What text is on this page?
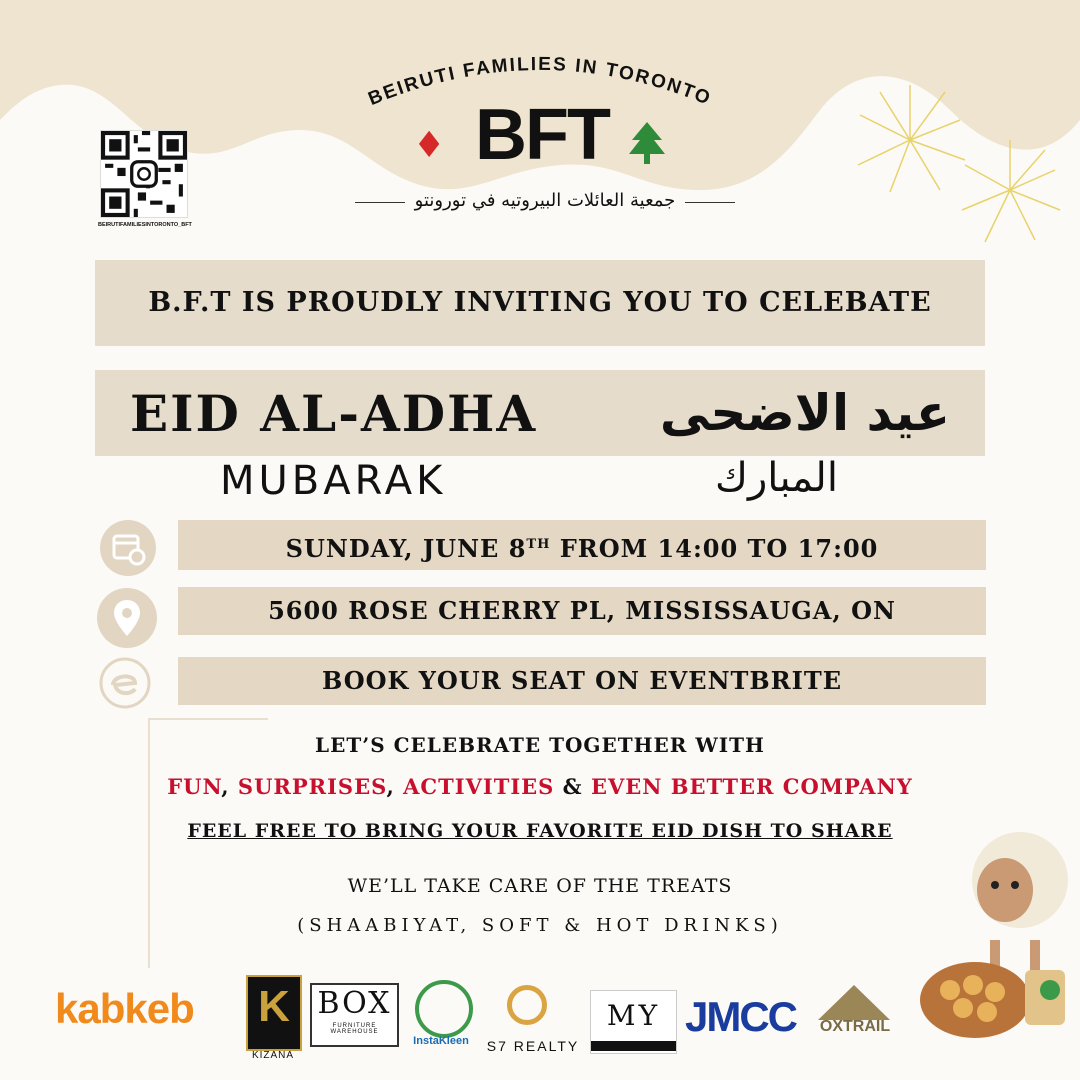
BEIRUTI FAMILIES IN TORONTO
BFT
♦
جمعية العائلات البيروتيه في تورونتو
BEIRUTIFAMILIESINTORONTO_BFT
B.F.T IS PROUDLY INVITING YOU TO CELEBATE
EID AL-ADHA	عيد الاضحى
MUBARAK	المبارك
SUNDAY, JUNE 8TH FROM 14:00 TO 17:00
5600 ROSE CHERRY PL, MISSISSAUGA, ON
BOOK YOUR SEAT ON EVENTBRITE
LET’S CELEBRATE TOGETHER WITH
FUN, SURPRISES, ACTIVITIES & EVEN BETTER COMPANY
FEEL FREE TO BRING YOUR FAVORITE EID DISH TO SHARE
WE’LL TAKE CARE OF THE TREATS
(SHAABIYAT, SOFT & HOT DRINKS)
kabkeb K
KIZANA
BOX
FURNITURE WAREHOUSE
InstaKleen	S7 REALTY
MY JMCC	OXTRAIL
